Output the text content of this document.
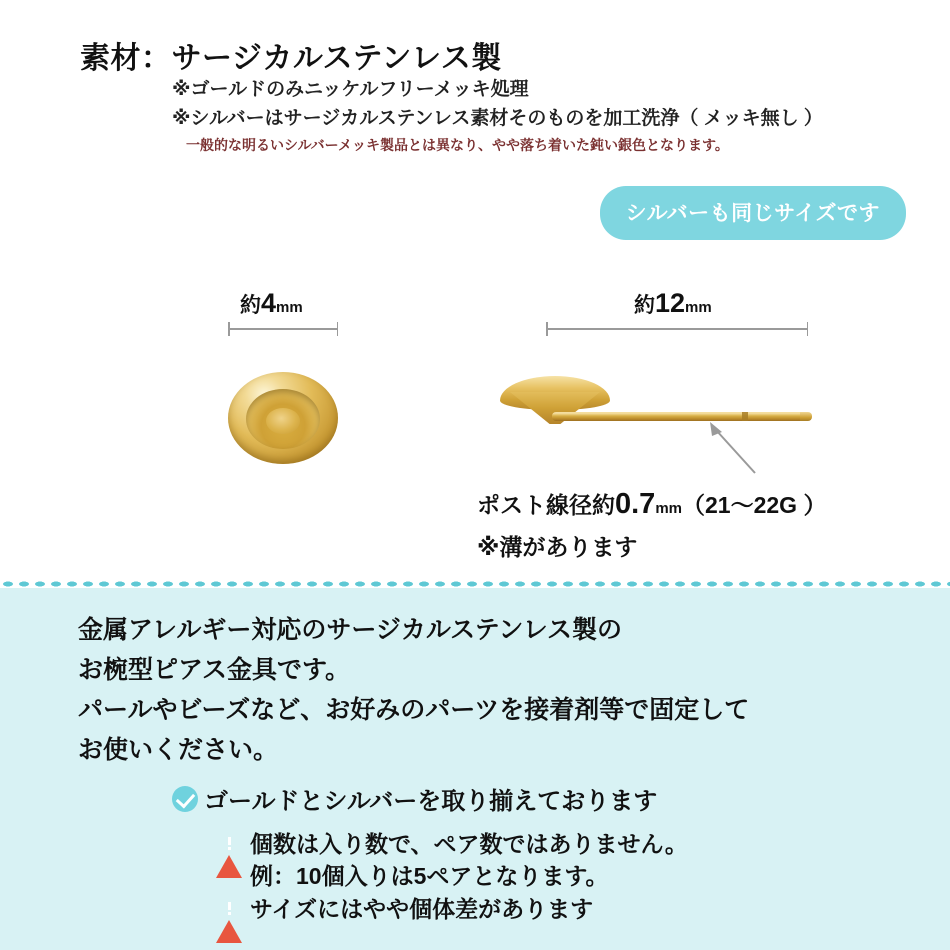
素材：サージカルステンレス製
※ゴールドのみニッケルフリーメッキ処理
※シルバーはサージカルステンレス素材そのものを加工洗浄（ メッキ無し ）
一般的な明るいシルバーメッキ製品とは異なり、やや落ち着いた鈍い銀色となります。
シルバーも同じサイズです
約4mm	約12mm
ポスト線径約0.7mm（21〜22G ）
※溝があります
金属アレルギー対応のサージカルステンレス製の
お椀型ピアス金具です。
パールやビーズなど、お好みのパーツを接着剤等で固定して
お使いください。
ゴールドとシルバーを取り揃えております
個数は入り数で、ペア数ではありません。
例：10個入りは5ペアとなります。
サイズにはやや個体差があります
